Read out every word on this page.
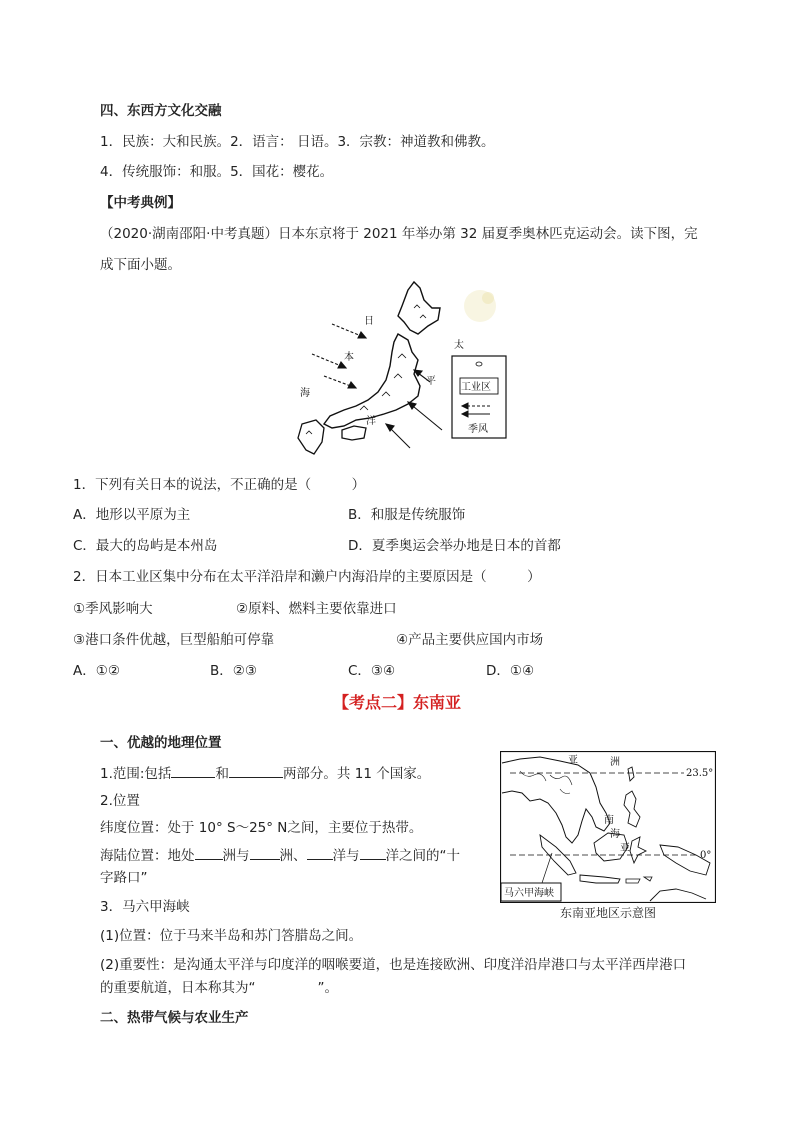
四、东西方文化交融
1．民族：大和民族。2．语言： 日语。3．宗教：神道教和佛教。
4．传统服饰：和服。5．国花：樱花。
【中考典例】
（2020·湖南邵阳·中考真题）日本东京将于 2021 年举办第 32 届夏季奥林匹克运动会。读下图，完
成下面小题。
日
本
海
太
平
洋
工业区
季风
1．下列有关日本的说法，不正确的是（　　　）
A．地形以平原为主	B．和服是传统服饰
C．最大的岛屿是本州岛	D．夏季奥运会举办地是日本的首都
2．日本工业区集中分布在太平洋沿岸和濑户内海沿岸的主要原因是（　　　）
①季风影响大	②原料、燃料主要依靠进口
③港口条件优越，巨型船舶可停靠	④产品主要供应国内市场
A．①②	B．②③	C．③④	D．①④
【考点二】东南亚
一、优越的地理位置
1.范围:包括	和	两部分。共 11 个国家。
2.位置
纬度位置：处于 10° S～25° N之间，主要位于热带。
海陆位置：地处 洲与 洲、 洋与 洋之间的“十
字路口”
3．马六甲海峡
(1)位置：位于马来半岛和苏门答腊岛之间。
(2)重要性：是沟通太平洋与印度洋的咽喉要道，也是连接欧洲、印度洋沿岸港口与太平洋西岸港口
的重要航道，日本称其为“	”。
二、热带气候与农业生产
23.5°
0°
亚	洲
南
亚
海
马六甲海峡
东南亚地区示意图
